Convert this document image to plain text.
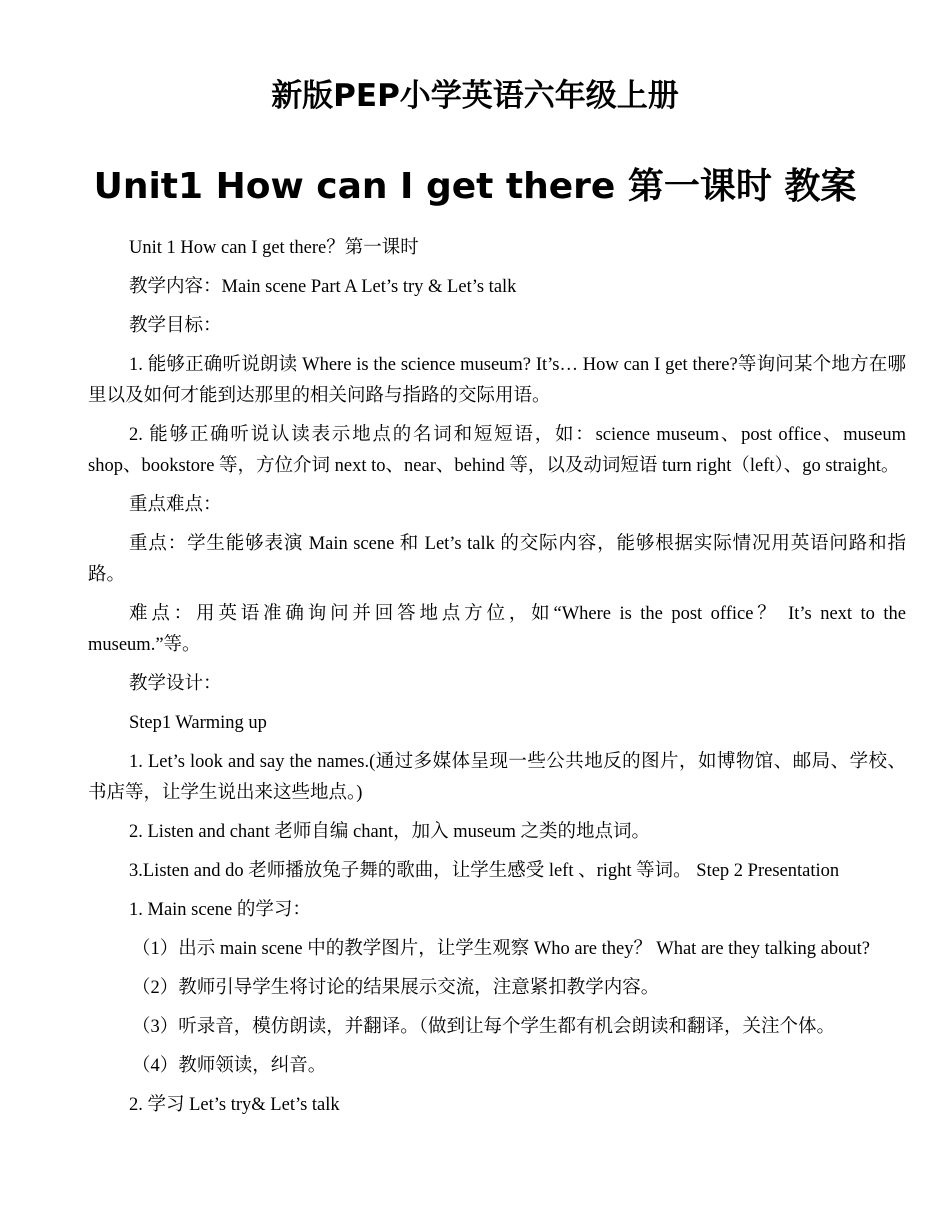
新版PEP小学英语六年级上册
Unit1 How can I get there 第一课时 教案

Unit 1 How can I get there？第一课时

教学内容：Main scene Part A Let’s try & Let’s talk

教学目标：

1. 能够正确听说朗读 Where is the science museum? It’s… How can I get there?等询问某个地方在哪里以及如何才能到达那里的相关问路与指路的交际用语。

2. 能够正确听说认读表示地点的名词和短短语，如：science museum、post office、museum shop、bookstore 等，方位介词 next to、near、behind 等，以及动词短语 turn right（left）、go straight。

重点难点：

重点：学生能够表演 Main scene 和 Let’s talk 的交际内容，能够根据实际情况用英语问路和指路。

难点：用英语准确询问并回答地点方位，如“Where is the post office？ It’s next to the museum.”等。

教学设计：

Step1 Warming up

1. Let’s look and say the names.(通过多媒体呈现一些公共地反的图片，如博物馆、邮局、学校、书店等，让学生说出来这些地点。)

2. Listen and chant 老师自编 chant，加入 museum 之类的地点词。

3.Listen and do 老师播放兔子舞的歌曲，让学生感受 left 、right 等词。 Step 2 Presentation

1. Main scene 的学习：

（1）出示 main scene 中的教学图片，让学生观察 Who are they？ What are they talking about?

（2）教师引导学生将讨论的结果展示交流，注意紧扣教学内容。

（3）听录音，模仿朗读，并翻译。（做到让每个学生都有机会朗读和翻译，关注个体。

（4）教师领读，纠音。

2. 学习 Let’s try& Let’s talk
